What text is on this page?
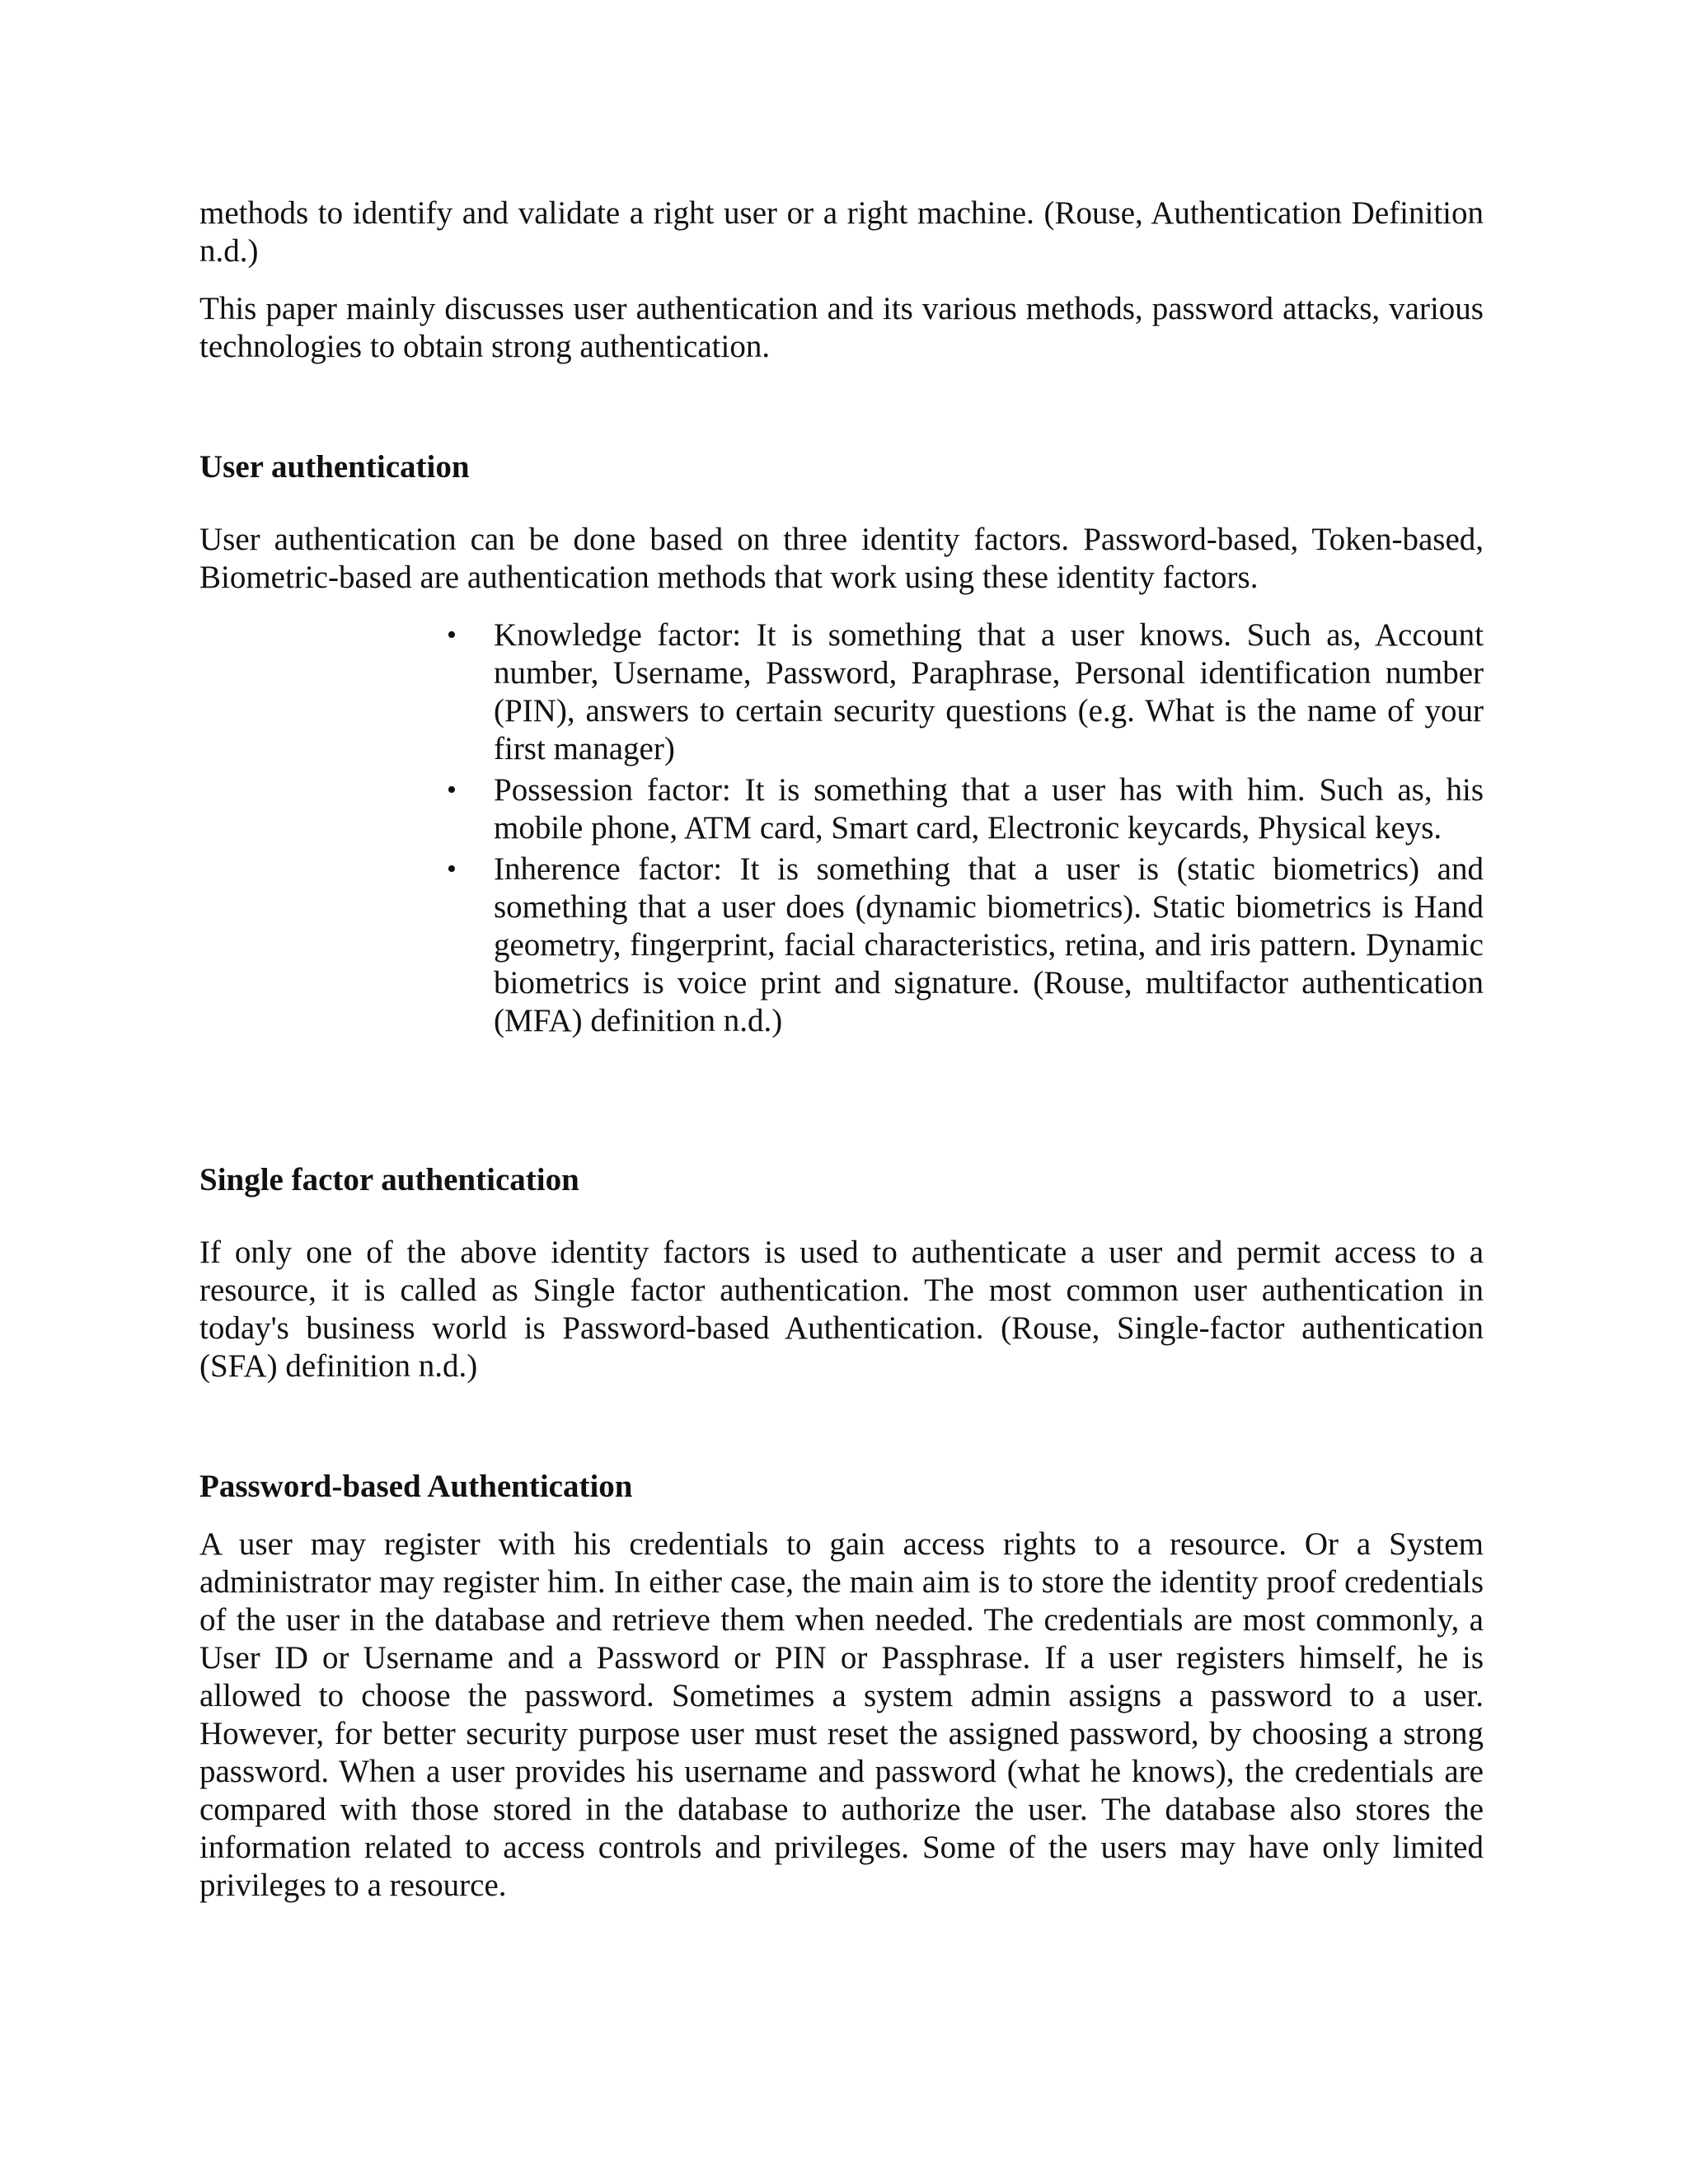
methods to identify and validate a right user or a right machine. (Rouse, Authentication Definition n.d.)

This paper mainly discusses user authentication and its various methods, password attacks, various technologies to obtain strong authentication.

User authentication

User authentication can be done based on three identity factors. Password-based, Token-based, Biometric-based are authentication methods that work using these identity factors.

• Knowledge factor: It is something that a user knows. Such as, Account number, Username, Password, Paraphrase, Personal identification number (PIN), answers to certain security questions (e.g. What is the name of your first manager)
• Possession factor: It is something that a user has with him. Such as, his mobile phone, ATM card, Smart card, Electronic keycards, Physical keys.
• Inherence factor: It is something that a user is (static biometrics) and something that a user does (dynamic biometrics). Static biometrics is Hand geometry, fingerprint, facial characteristics, retina, and iris pattern. Dynamic biometrics is voice print and signature. (Rouse, multifactor authentication (MFA) definition n.d.)
Single factor authentication

If only one of the above identity factors is used to authenticate a user and permit access to a resource, it is called as Single factor authentication. The most common user authentication in today's business world is Password-based Authentication. (Rouse, Single-factor authentication (SFA) definition n.d.)

Password-based Authentication

A user may register with his credentials to gain access rights to a resource. Or a System administrator may register him. In either case, the main aim is to store the identity proof credentials of the user in the database and retrieve them when needed. The credentials are most commonly, a User ID or Username and a Password or PIN or Passphrase. If a user registers himself, he is allowed to choose the password. Sometimes a system admin assigns a password to a user. However, for better security purpose user must reset the assigned password, by choosing a strong password. When a user provides his username and password (what he knows), the credentials are compared with those stored in the database to authorize the user. The database also stores the information related to access controls and privileges. Some of the users may have only limited privileges to a resource.
